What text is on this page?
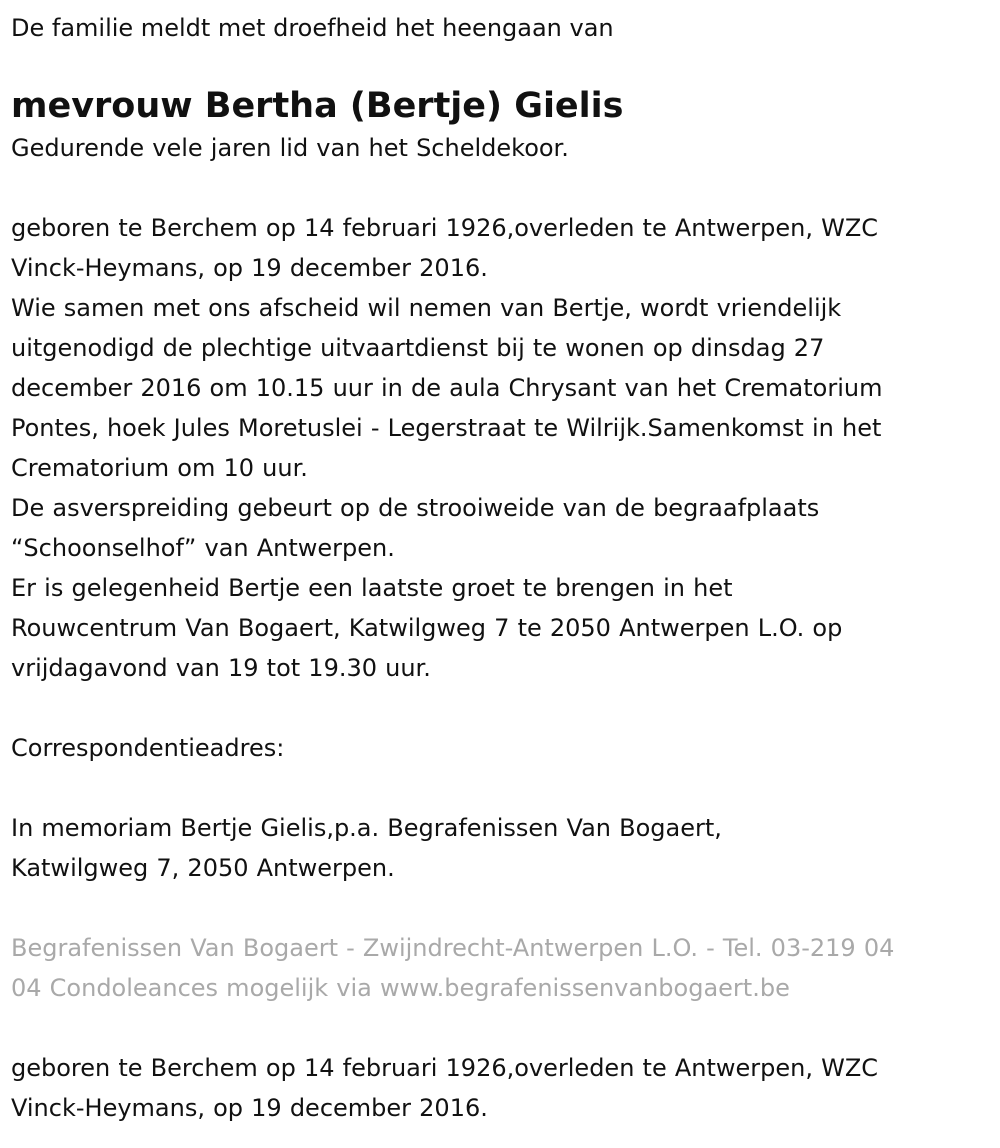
De familie meldt met droefheid het heengaan van

mevrouw Bertha (Bertje) Gielis

Gedurende vele jaren lid van het Scheldekoor.

geboren te Berchem op 14 februari 1926,overleden te Antwerpen, WZC
Vinck-Heymans, op 19 december 2016.

Wie samen met ons afscheid wil nemen van Bertje, wordt vriendelijk
uitgenodigd de plechtige uitvaartdienst bij te wonen op dinsdag 27
december 2016 om 10.15 uur in de aula Chrysant van het Crematorium
Pontes, hoek Jules Moretuslei - Legerstraat te Wilrijk.Samenkomst in het
Crematorium om 10 uur.

De asverspreiding gebeurt op de strooiweide van de begraafplaats
“Schoonselhof” van Antwerpen.

Er is gelegenheid Bertje een laatste groet te brengen in het
Rouwcentrum Van Bogaert, Katwilgweg 7 te 2050 Antwerpen L.O. op
vrijdagavond van 19 tot 19.30 uur.

Correspondentieadres:

In memoriam Bertje Gielis,p.a. Begrafenissen Van Bogaert,
Katwilgweg 7, 2050 Antwerpen.

Begrafenissen Van Bogaert - Zwijndrecht-Antwerpen L.O. - Tel. 03-219 04
04 Condoleances mogelijk via www.begrafenissenvanbogaert.be

geboren te Berchem op 14 februari 1926,overleden te Antwerpen, WZC
Vinck-Heymans, op 19 december 2016.
